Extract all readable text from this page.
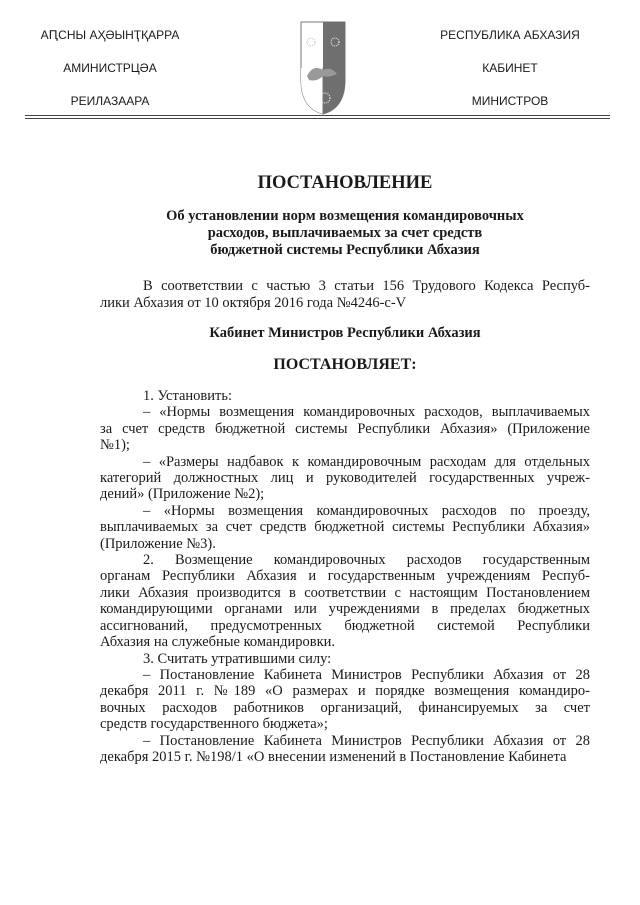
АԤСНЫ АҲӘЫНҬҚАРРА
АМИНИСТРЦӘА
РЕИЛАЗААРА
РЕСПУБЛИКА АБХАЗИЯ
КАБИНЕТ
МИНИСТРОВ
ПОСТАНОВЛЕНИЕ
Об установлении норм возмещения командировочных
расходов, выплачиваемых за счет средств
бюджетной системы Республики Абхазия
В соответствии с частью 3 статьи 156 Трудового Кодекса Респуб-
лики Абхазия от 10 октября 2016 года №4246-с-V
Кабинет Министров Республики Абхазия
ПОСТАНОВЛЯЕТ:
1. Установить:
– «Нормы возмещения командировочных расходов, выплачиваемых
за счет средств бюджетной системы Республики Абхазия» (Приложение
№1);
– «Размеры надбавок к командировочным расходам для отдельных
категорий должностных лиц и руководителей государственных учреж-
дений» (Приложение №2);
– «Нормы возмещения командировочных расходов по проезду,
выплачиваемых за счет средств бюджетной системы Республики Абхазия»
(Приложение №3).
2. Возмещение командировочных расходов государственным
органам Республики Абхазия и государственным учреждениям Респуб-
лики Абхазия производится в соответствии с настоящим Постановлением
командирующими органами или учреждениями в пределах бюджетных
ассигнований, предусмотренных бюджетной системой Республики
Абхазия на служебные командировки.
3. Считать утратившими силу:
– Постановление Кабинета Министров Республики Абхазия от 28
декабря 2011 г. №189 «О размерах и порядке возмещения командиро-
вочных расходов работников организаций, финансируемых за счет
средств государственного бюджета»;
– Постановление Кабинета Министров Республики Абхазия от 28
декабря 2015 г. №198/1 «О внесении изменений в Постановление Кабинета
